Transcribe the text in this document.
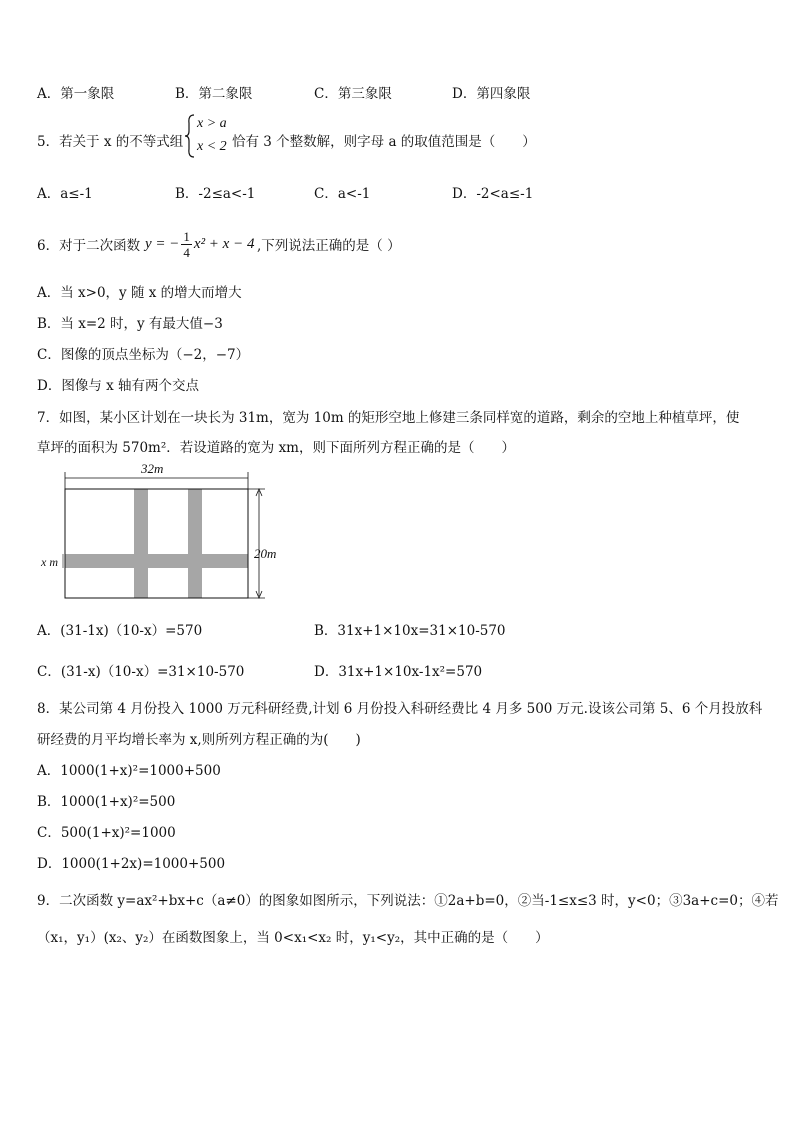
A．第一象限	B．第二象限	C．第三象限	D．第四象限
5．若关于 x 的不等式组
x > a
x < 2 恰有 3 个整数解，则字母 a 的取值范围是（　　）
A．a≤-1	B．-2≤a<-1	C．a<-1	D．-2<a≤-1
6．对于二次函数 y = − $\frac{1}{4} x^2 + x - 4$ ,下列说法正确的是（ ）
A．当 x>0，y 随 x 的增大而增大
B．当 x=2 时，y 有最大值−3
C．图像的顶点坐标为（−2，−7）
D．图像与 x 轴有两个交点
7．如图，某小区计划在一块长为 31m，宽为 10m 的矩形空地上修建三条同样宽的道路，剩余的空地上种植草坪，使
草坪的面积为 570m²．若设道路的宽为 xm，则下面所列方程正确的是（　　）
32m
20m
x m
A．(31-1x)（10-x）=570	B．31x+1×10x=31×10-570
C．(31-x)（10-x）=31×10-570	D．31x+1×10x-1x²=570
8．某公司第 4 月份投入 1000 万元科研经费,计划 6 月份投入科研经费比 4 月多 500 万元.设该公司第 5、6 个月投放科
研经费的月平均增长率为 x,则所列方程正确的为(　　)
A．1000(1+x)²=1000+500
B．1000(1+x)²=500
C．500(1+x)²=1000
D．1000(1+2x)=1000+500
9．二次函数 y=ax²+bx+c（a≠0）的图象如图所示，下列说法：①2a+b=0，②当-1≤x≤3 时，y<0；③3a+c=0；④若
（x₁，y₁）(x₂、y₂）在函数图象上，当 0<x₁<x₂ 时，y₁<y₂，其中正确的是（　　）
